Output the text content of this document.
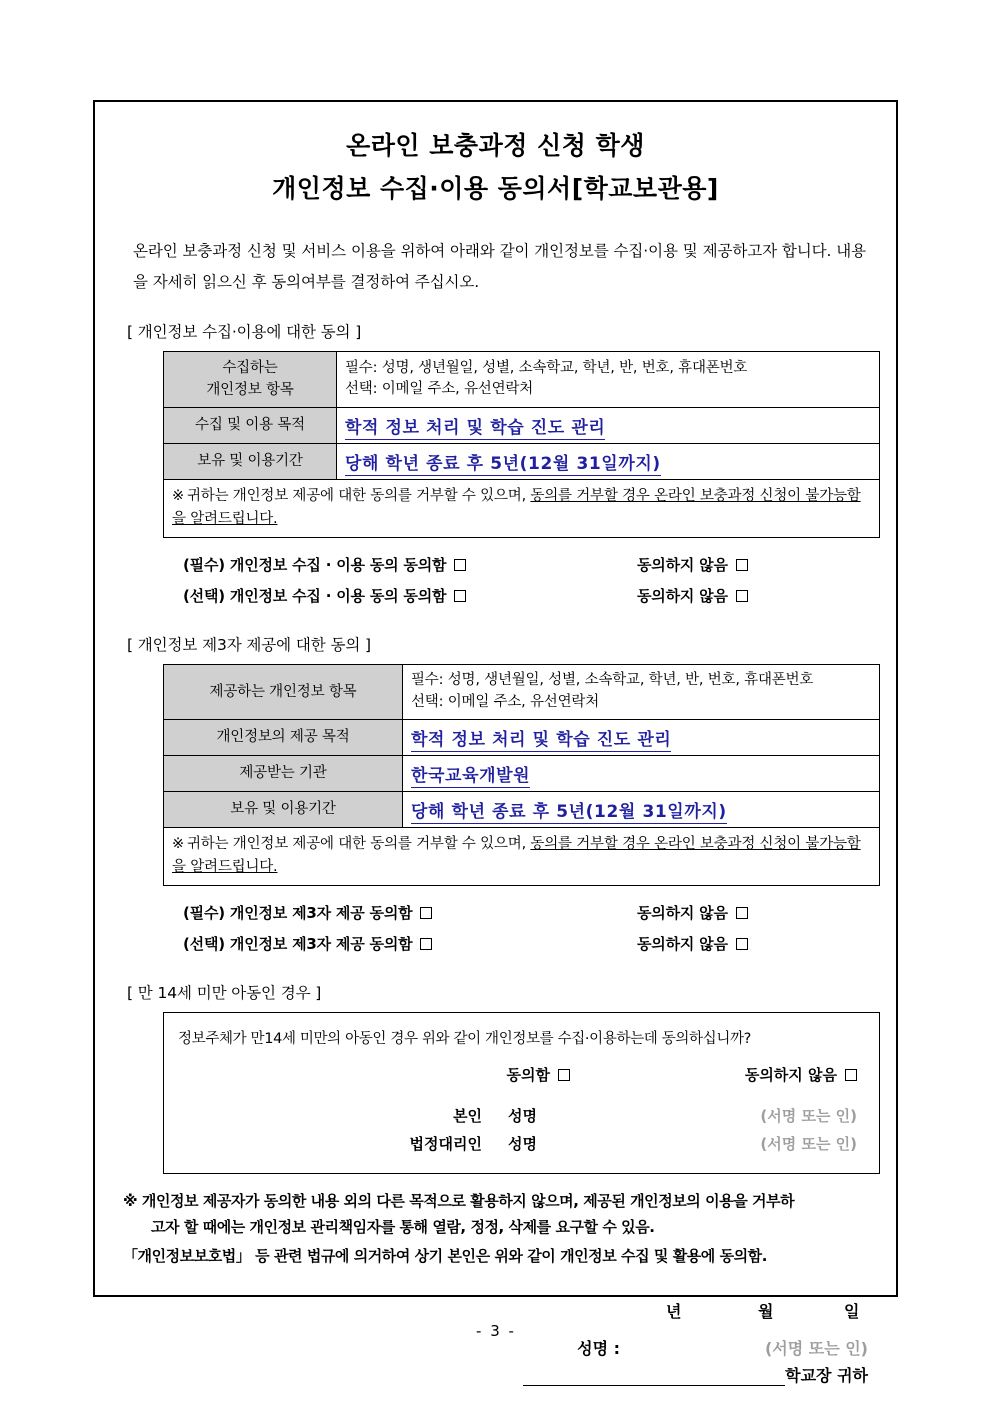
온라인 보충과정 신청 학생
개인정보 수집·이용 동의서[학교보관용]

온라인 보충과정 신청 및 서비스 이용을 위하여 아래와 같이 개인정보를 수집·이용 및 제공하고자 합니다. 내용을 자세히 읽으신 후 동의여부를 결정하여 주십시오.

[ 개인정보 수집·이용에 대한 동의 ]
수집하는
개인정보 항목	필수: 성명, 생년월일, 성별, 소속학교, 학년, 반, 번호, 휴대폰번호
선택: 이메일 주소, 유선연락처

수집 및 이용 목적	학적 정보 처리 및 학습 진도 관리
보유 및 이용기간	당해 학년 종료 후 5년(12월 31일까지)
※ 귀하는 개인정보 제공에 대한 동의를 거부할 수 있으며, 동의를 거부할 경우 온라인 보충과정 신청이 불가능함을 알려드립니다.	
(필수) 개인정보 수집 · 이용 동의 동의함	동의하지 않음
(선택) 개인정보 수집 · 이용 동의 동의함	동의하지 않음
[ 개인정보 제3자 제공에 대한 동의 ]
제공하는 개인정보 항목	필수: 성명, 생년월일, 성별, 소속학교, 학년, 반, 번호, 휴대폰번호
선택: 이메일 주소, 유선연락처

개인정보의 제공 목적	학적 정보 처리 및 학습 진도 관리
제공받는 기관	한국교육개발원
보유 및 이용기간	당해 학년 종료 후 5년(12월 31일까지)
※ 귀하는 개인정보 제공에 대한 동의를 거부할 수 있으며, 동의를 거부할 경우 온라인 보충과정 신청이 불가능함을 알려드립니다.	
(필수) 개인정보 제3자 제공 동의함	동의하지 않음
(선택) 개인정보 제3자 제공 동의함	동의하지 않음
[ 만 14세 미만 아동인 경우 ]
정보주체가 만14세 미만의 아동인 경우 위와 같이 개인정보를 수집·이용하는데 동의하십니까?
동의함	동의하지 않음
본인	성명	(서명 또는 인)
법정대리인	성명	(서명 또는 인)
※ 개인정보 제공자가 동의한 내용 외의 다른 목적으로 활용하지 않으며, 제공된 개인정보의 이용을 거부하
고자 할 때에는 개인정보 관리책임자를 통해 열람, 정정, 삭제를 요구할 수 있음.
「개인정보보호법」 등 관련 법규에 의거하여 상기 본인은 위와 같이 개인정보 수집 및 활용에 동의함.
년	월	일
성명 :	(서명 또는 인)
학교장 귀하
- 3 -
